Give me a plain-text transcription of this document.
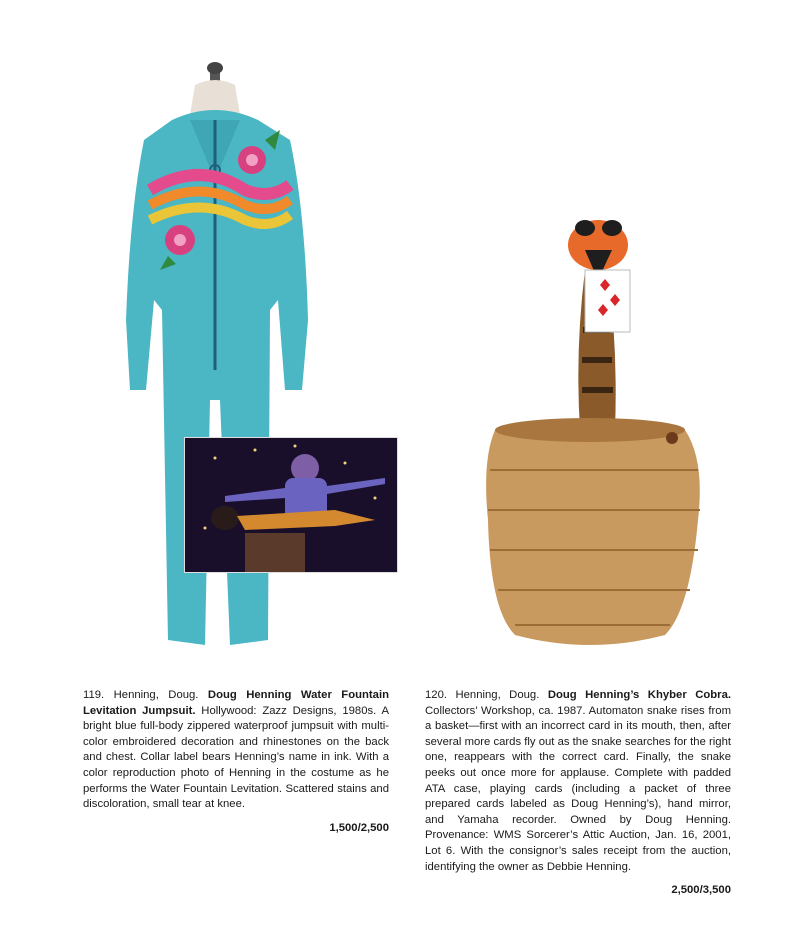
119. Henning, Doug. Doug Henning Water Fountain Levitation Jumpsuit. Hollywood: Zazz Designs, 1980s. A bright blue full-body zippered waterproof jumpsuit with multi-color embroidered decoration and rhinestones on the back and chest. Collar label bears Henning’s name in ink. With a color reproduction photo of Henning in the costume as he performs the Water Fountain Levitation. Scattered stains and discoloration, small tear at knee.
1,500/2,500
120. Henning, Doug. Doug Henning’s Khyber Cobra. Collectors’ Workshop, ca. 1987. Automaton snake rises from a basket—first with an incorrect card in its mouth, then, after several more cards fly out as the snake searches for the right one, reappears with the correct card. Finally, the snake peeks out once more for applause. Complete with padded ATA case, playing cards (including a packet of three prepared cards labeled as Doug Henning’s), hand mirror, and Yamaha recorder. Owned by Doug Henning. Provenance: WMS Sorcerer’s Attic Auction, Jan. 16, 2001, Lot 6. With the consignor’s sales receipt from the auction, identifying the owner as Debbie Henning.
2,500/3,500
